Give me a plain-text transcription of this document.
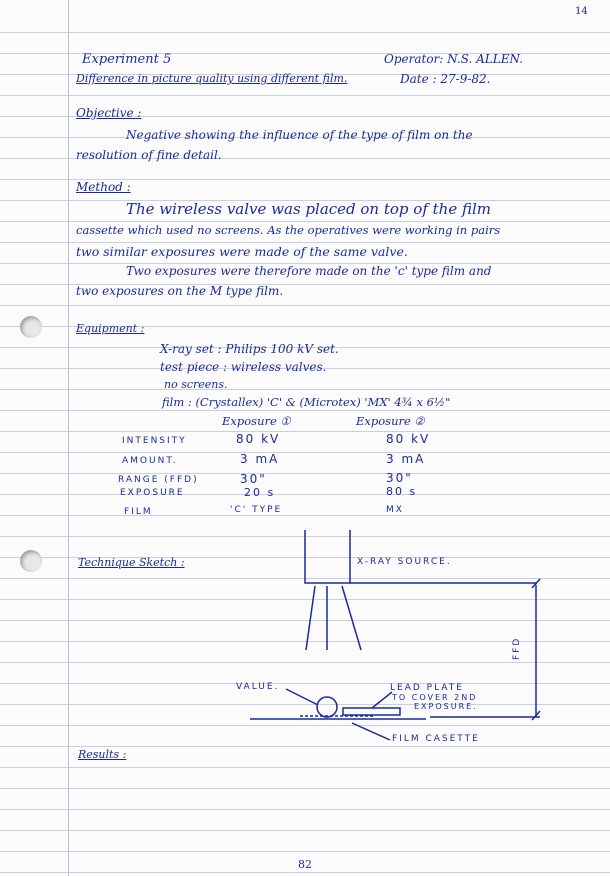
14
Experiment 5
Difference in picture quality using different film.
Operator: N.S. ALLEN.
Date : 27-9-82.
Objective :
Negative showing the influence of the type of film on the
resolution of fine detail.
Method :
The wireless valve was placed on top of the film
cassette which used no screens. As the operatives were working in pairs
two similar exposures were made of the same valve.
Two exposures were therefore made on the 'c' type film and
two exposures on the M type film.
Equipment :
X-ray set : Philips 100 kV set.
test piece : wireless valves.
no screens.
film : (Crystallex) 'C' & (Microtex) 'MX' 4¾ x 6½"
Exposure ①	Exposure ②
INTENSITY	80 kV	80 kV
AMOUNT.	3 mA	3 mA
RANGE (FFD)	30"	30"
EXPOSURE	20 s	80 s
FILM	'C' TYPE	MX
Technique Sketch :	X-RAY SOURCE.
FFD
VALUE.	LEAD PLATE
TO COVER 2ND
EXPOSURE.
FILM CASETTE
Results :
82
